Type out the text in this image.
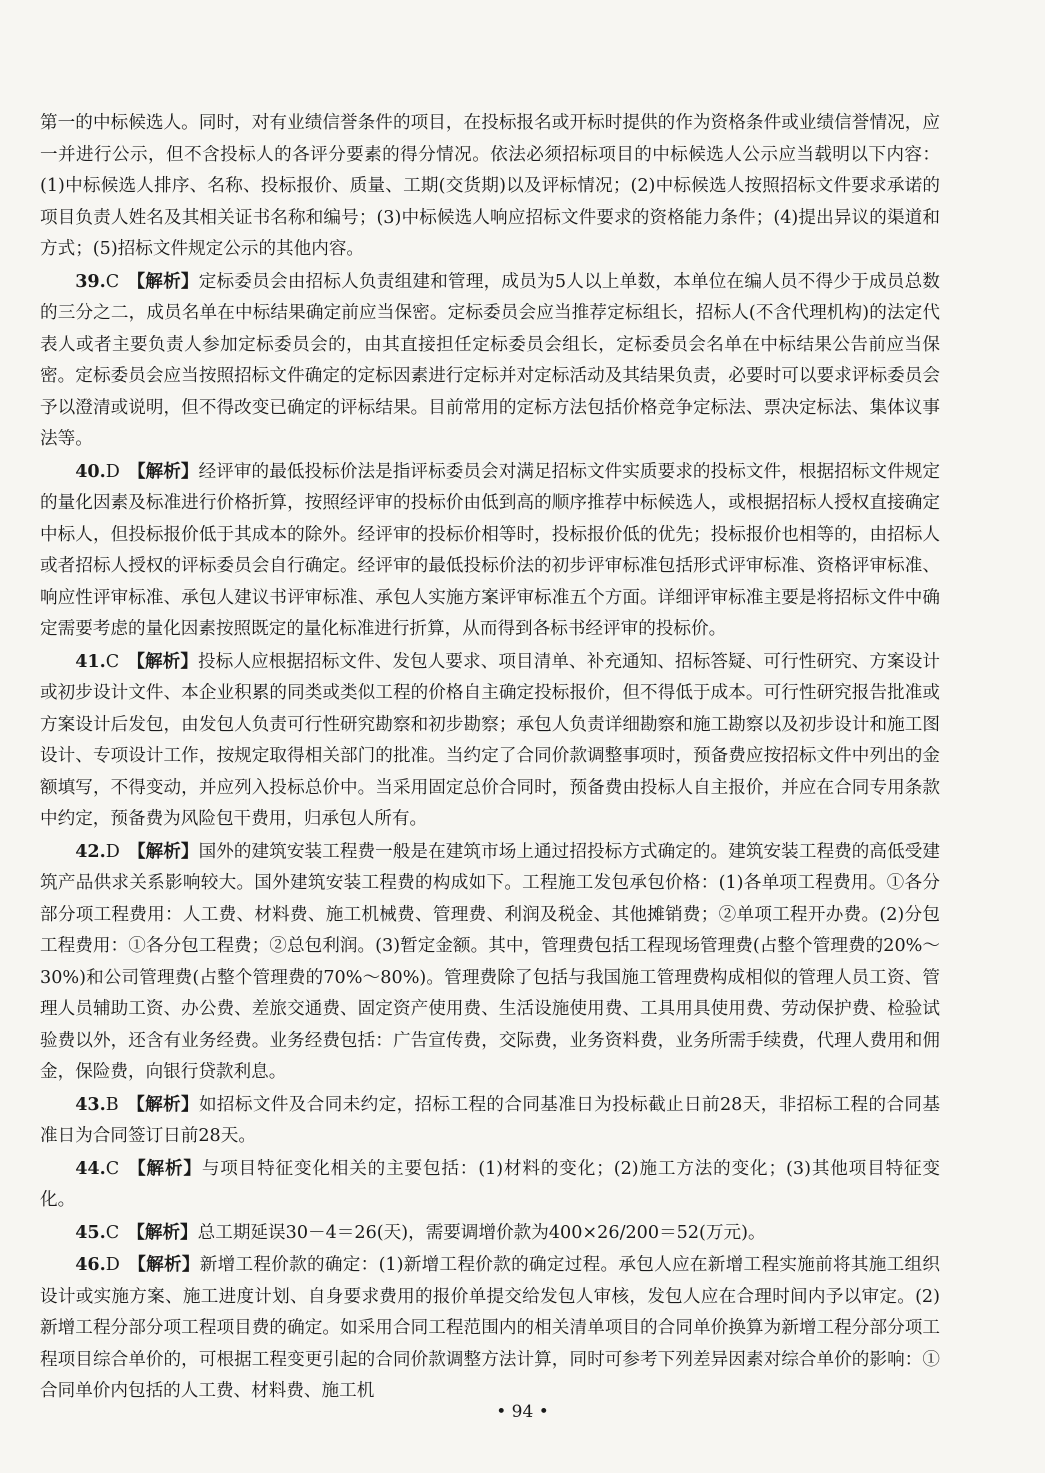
第一的中标候选人。同时，对有业绩信誉条件的项目，在投标报名或开标时提供的作为资格条件或业绩信誉情况，应一并进行公示，但不含投标人的各评分要素的得分情况。依法必须招标项目的中标候选人公示应当载明以下内容：(1)中标候选人排序、名称、投标报价、质量、工期(交货期)以及评标情况；(2)中标候选人按照招标文件要求承诺的项目负责人姓名及其相关证书名称和编号；(3)中标候选人响应招标文件要求的资格能力条件；(4)提出异议的渠道和方式；(5)招标文件规定公示的其他内容。

39.C 【解析】定标委员会由招标人负责组建和管理，成员为5人以上单数，本单位在编人员不得少于成员总数的三分之二，成员名单在中标结果确定前应当保密。定标委员会应当推荐定标组长，招标人(不含代理机构)的法定代表人或者主要负责人参加定标委员会的，由其直接担任定标委员会组长，定标委员会名单在中标结果公告前应当保密。定标委员会应当按照招标文件确定的定标因素进行定标并对定标活动及其结果负责，必要时可以要求评标委员会予以澄清或说明，但不得改变已确定的评标结果。目前常用的定标方法包括价格竞争定标法、票决定标法、集体议事法等。

40.D 【解析】经评审的最低投标价法是指评标委员会对满足招标文件实质要求的投标文件，根据招标文件规定的量化因素及标准进行价格折算，按照经评审的投标价由低到高的顺序推荐中标候选人，或根据招标人授权直接确定中标人，但投标报价低于其成本的除外。经评审的投标价相等时，投标报价低的优先；投标报价也相等的，由招标人或者招标人授权的评标委员会自行确定。经评审的最低投标价法的初步评审标准包括形式评审标准、资格评审标准、响应性评审标准、承包人建议书评审标准、承包人实施方案评审标准五个方面。详细评审标准主要是将招标文件中确定需要考虑的量化因素按照既定的量化标准进行折算，从而得到各标书经评审的投标价。

41.C 【解析】投标人应根据招标文件、发包人要求、项目清单、补充通知、招标答疑、可行性研究、方案设计或初步设计文件、本企业积累的同类或类似工程的价格自主确定投标报价，但不得低于成本。可行性研究报告批准或方案设计后发包，由发包人负责可行性研究勘察和初步勘察；承包人负责详细勘察和施工勘察以及初步设计和施工图设计、专项设计工作，按规定取得相关部门的批准。当约定了合同价款调整事项时，预备费应按招标文件中列出的金额填写，不得变动，并应列入投标总价中。当采用固定总价合同时，预备费由投标人自主报价，并应在合同专用条款中约定，预备费为风险包干费用，归承包人所有。

42.D 【解析】国外的建筑安装工程费一般是在建筑市场上通过招投标方式确定的。建筑安装工程费的高低受建筑产品供求关系影响较大。国外建筑安装工程费的构成如下。工程施工发包承包价格：(1)各单项工程费用。①各分部分项工程费用：人工费、材料费、施工机械费、管理费、利润及税金、其他摊销费；②单项工程开办费。(2)分包工程费用：①各分包工程费；②总包利润。(3)暂定金额。其中，管理费包括工程现场管理费(占整个管理费的20%～30%)和公司管理费(占整个管理费的70%～80%)。管理费除了包括与我国施工管理费构成相似的管理人员工资、管理人员辅助工资、办公费、差旅交通费、固定资产使用费、生活设施使用费、工具用具使用费、劳动保护费、检验试验费以外，还含有业务经费。业务经费包括：广告宣传费，交际费，业务资料费，业务所需手续费，代理人费用和佣金，保险费，向银行贷款利息。

43.B 【解析】如招标文件及合同未约定，招标工程的合同基准日为投标截止日前28天，非招标工程的合同基准日为合同签订日前28天。

44.C 【解析】与项目特征变化相关的主要包括：(1)材料的变化；(2)施工方法的变化；(3)其他项目特征变化。

45.C 【解析】总工期延误30－4＝26(天)，需要调增价款为400×26/200＝52(万元)。

46.D 【解析】新增工程价款的确定：(1)新增工程价款的确定过程。承包人应在新增工程实施前将其施工组织设计或实施方案、施工进度计划、自身要求费用的报价单提交给发包人审核，发包人应在合理时间内予以审定。(2)新增工程分部分项工程项目费的确定。如采用合同工程范围内的相关清单项目的合同单价换算为新增工程分部分项工程项目综合单价的，可根据工程变更引起的合同价款调整方法计算，同时可参考下列差异因素对综合单价的影响：①合同单价内包括的人工费、材料费、施工机

• 94 •
